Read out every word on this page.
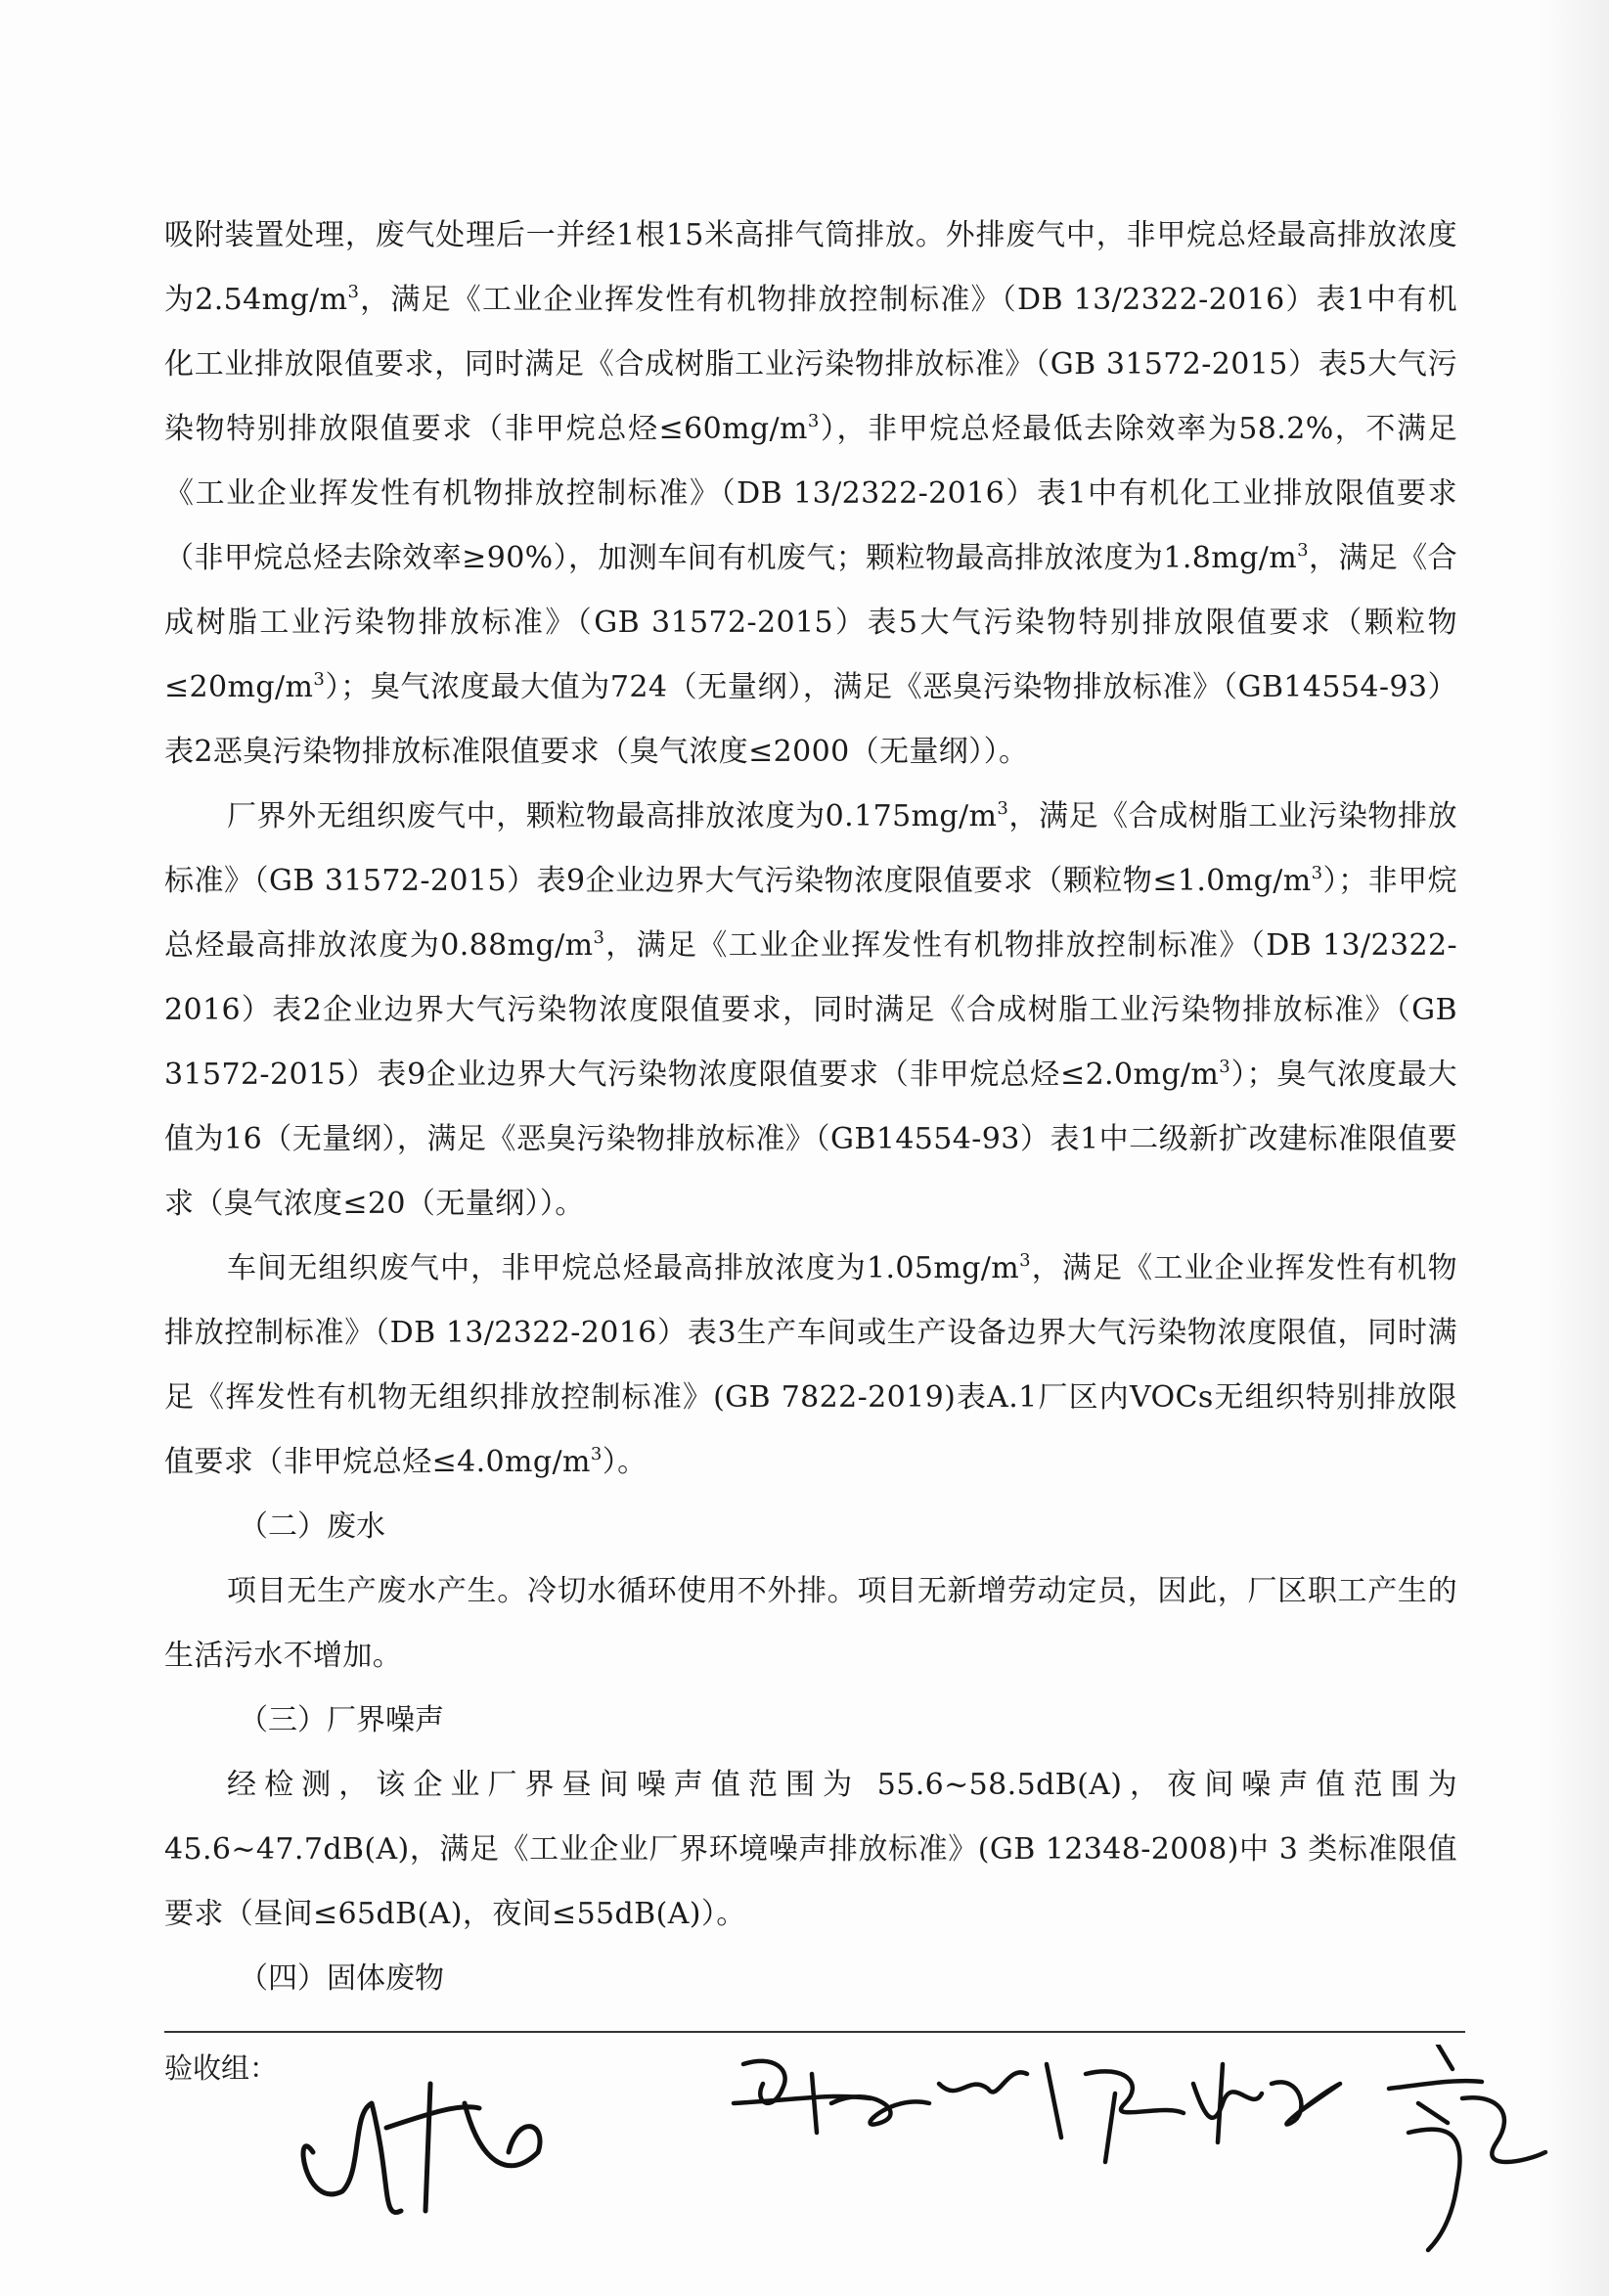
吸附装置处理，废气处理后一并经1根15米高排气筒排放。外排废气中，非甲烷总烃最高排放浓度为$2.54mg/m^3$，满足《工业企业挥发性有机物排放控制标准》（DB 13/2322-2016）表1中有机化工业排放限值要求，同时满足《合成树脂工业污染物排放标准》（GB 31572-2015）表5大气污染物特别排放限值要求（非甲烷总烃$\le 60mg/m^3$），非甲烷总烃最低去除效率为58.2%，不满足《工业企业挥发性有机物排放控制标准》（DB 13/2322-2016）表1中有机化工业排放限值要求（非甲烷总烃去除效率≥90%），加测车间有机废气；颗粒物最高排放浓度为$1.8mg/m^3$，满足《合成树脂工业污染物排放标准》（GB 31572-2015）表5大气污染物特别排放限值要求（颗粒物$\le 20mg/m^3$）；臭气浓度最大值为724（无量纲），满足《恶臭污染物排放标准》（GB14554-93）表2恶臭污染物排放标准限值要求（臭气浓度≤2000（无量纲））。

厂界外无组织废气中，颗粒物最高排放浓度为$0.175mg/m^3$，满足《合成树脂工业污染物排放标准》（GB 31572-2015）表9企业边界大气污染物浓度限值要求（颗粒物$\le 1.0mg/m^3$）；非甲烷总烃最高排放浓度为$0.88mg/m^3$，满足《工业企业挥发性有机物排放控制标准》（DB 13/2322-2016）表2企业边界大气污染物浓度限值要求，同时满足《合成树脂工业污染物排放标准》（GB 31572-2015）表9企业边界大气污染物浓度限值要求（非甲烷总烃$\le 2.0mg/m^3$）；臭气浓度最大值为16（无量纲），满足《恶臭污染物排放标准》（GB14554-93）表1中二级新扩改建标准限值要求（臭气浓度≤20（无量纲））。

车间无组织废气中，非甲烷总烃最高排放浓度为$1.05mg/m^3$，满足《工业企业挥发性有机物排放控制标准》（DB 13/2322-2016）表3生产车间或生产设备边界大气污染物浓度限值，同时满足《挥发性有机物无组织排放控制标准》(GB 7822-2019)表A.1厂区内VOCs无组织特别排放限值要求（非甲烷总烃$\le 4.0mg/m^3$）。

（二）废水

项目无生产废水产生。冷切水循环使用不外排。项目无新增劳动定员，因此，厂区职工产生的生活污水不增加。

（三）厂界噪声

经检测，该企业厂界昼间噪声值范围为 55.6~58.5dB(A)，夜间噪声值范围为45.6~47.7dB(A)，满足《工业企业厂界环境噪声排放标准》(GB 12348-2008)中 3 类标准限值要求（昼间≤65dB(A)，夜间≤55dB(A)）。

（四）固体废物

验收组：
